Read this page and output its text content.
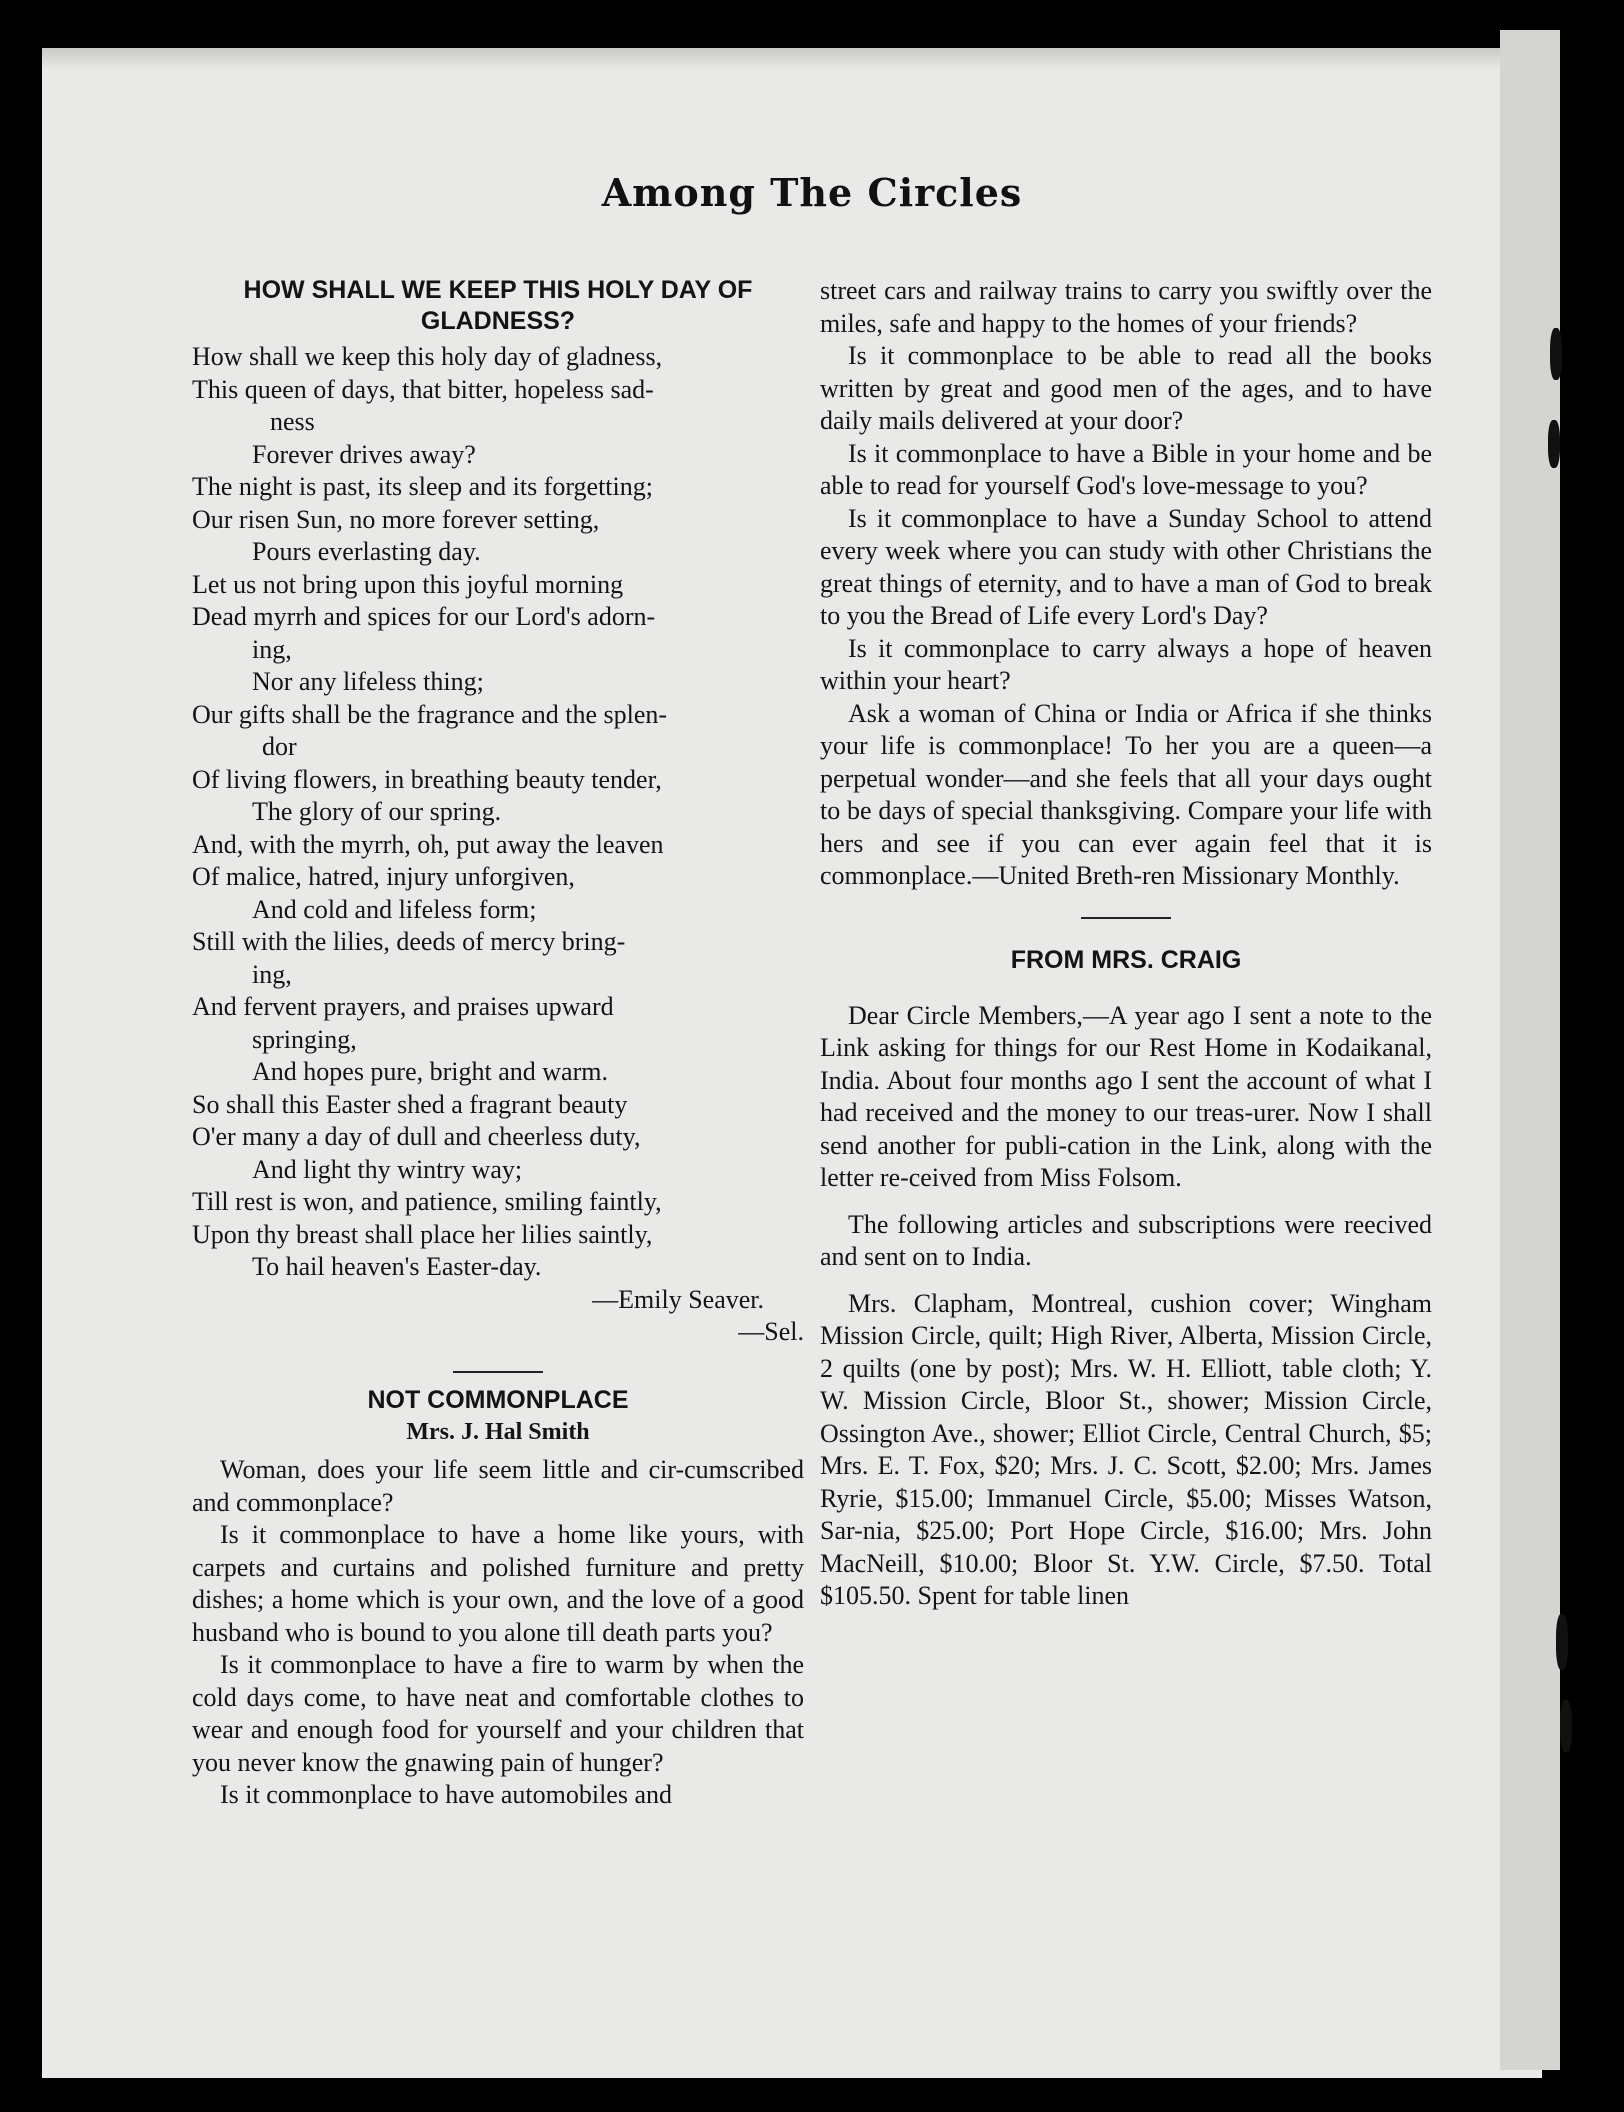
Among The Circles
HOW SHALL WE KEEP THIS HOLY DAY OF GLADNESS?
How shall we keep this holy day of gladness,
This queen of days, that bitter, hopeless sad-
ness
Forever drives away?
The night is past, its sleep and its forgetting;
Our risen Sun, no more forever setting,
Pours everlasting day.
Let us not bring upon this joyful morning
Dead myrrh and spices for our Lord's adorn-
ing,
Nor any lifeless thing;
Our gifts shall be the fragrance and the splen-
dor
Of living flowers, in breathing beauty tender,
The glory of our spring.
And, with the myrrh, oh, put away the leaven
Of malice, hatred, injury unforgiven,
And cold and lifeless form;
Still with the lilies, deeds of mercy bring-
ing,
And fervent prayers, and praises upward
springing,
And hopes pure, bright and warm.
So shall this Easter shed a fragrant beauty
O'er many a day of dull and cheerless duty,
And light thy wintry way;
Till rest is won, and patience, smiling faintly,
Upon thy breast shall place her lilies saintly,
To hail heaven's Easter-day.
—Emily Seaver.
—Sel.
NOT COMMONPLACE
Mrs. J. Hal Smith

Woman, does your life seem little and cir-cumscribed and commonplace?

Is it commonplace to have a home like yours, with carpets and curtains and polished furniture and pretty dishes; a home which is your own, and the love of a good husband who is bound to you alone till death parts you?

Is it commonplace to have a fire to warm by when the cold days come, to have neat and comfortable clothes to wear and enough food for yourself and your children that you never know the gnawing pain of hunger?

Is it commonplace to have automobiles and

street cars and railway trains to carry you swiftly over the miles, safe and happy to the homes of your friends?

Is it commonplace to be able to read all the books written by great and good men of the ages, and to have daily mails delivered at your door?

Is it commonplace to have a Bible in your home and be able to read for yourself God's love-message to you?

Is it commonplace to have a Sunday School to attend every week where you can study with other Christians the great things of eternity, and to have a man of God to break to you the Bread of Life every Lord's Day?

Is it commonplace to carry always a hope of heaven within your heart?

Ask a woman of China or India or Africa if she thinks your life is commonplace! To her you are a queen—a perpetual wonder—and she feels that all your days ought to be days of special thanksgiving. Compare your life with hers and see if you can ever again feel that it is commonplace.—United Breth-ren Missionary Monthly.

FROM MRS. CRAIG

Dear Circle Members,—A year ago I sent a note to the Link asking for things for our Rest Home in Kodaikanal, India. About four months ago I sent the account of what I had received and the money to our treas-urer. Now I shall send another for publi-cation in the Link, along with the letter re-ceived from Miss Folsom.

The following articles and subscriptions were reecived and sent on to India.

Mrs. Clapham, Montreal, cushion cover; Wingham Mission Circle, quilt; High River, Alberta, Mission Circle, 2 quilts (one by post); Mrs. W. H. Elliott, table cloth; Y. W. Mission Circle, Bloor St., shower; Mission Circle, Ossington Ave., shower; Elliot Circle, Central Church, $5; Mrs. E. T. Fox, $20; Mrs. J. C. Scott, $2.00; Mrs. James Ryrie, $15.00; Immanuel Circle, $5.00; Misses Watson, Sar-nia, $25.00; Port Hope Circle, $16.00; Mrs. John MacNeill, $10.00; Bloor St. Y.W. Circle, $7.50. Total $105.50. Spent for table linen
